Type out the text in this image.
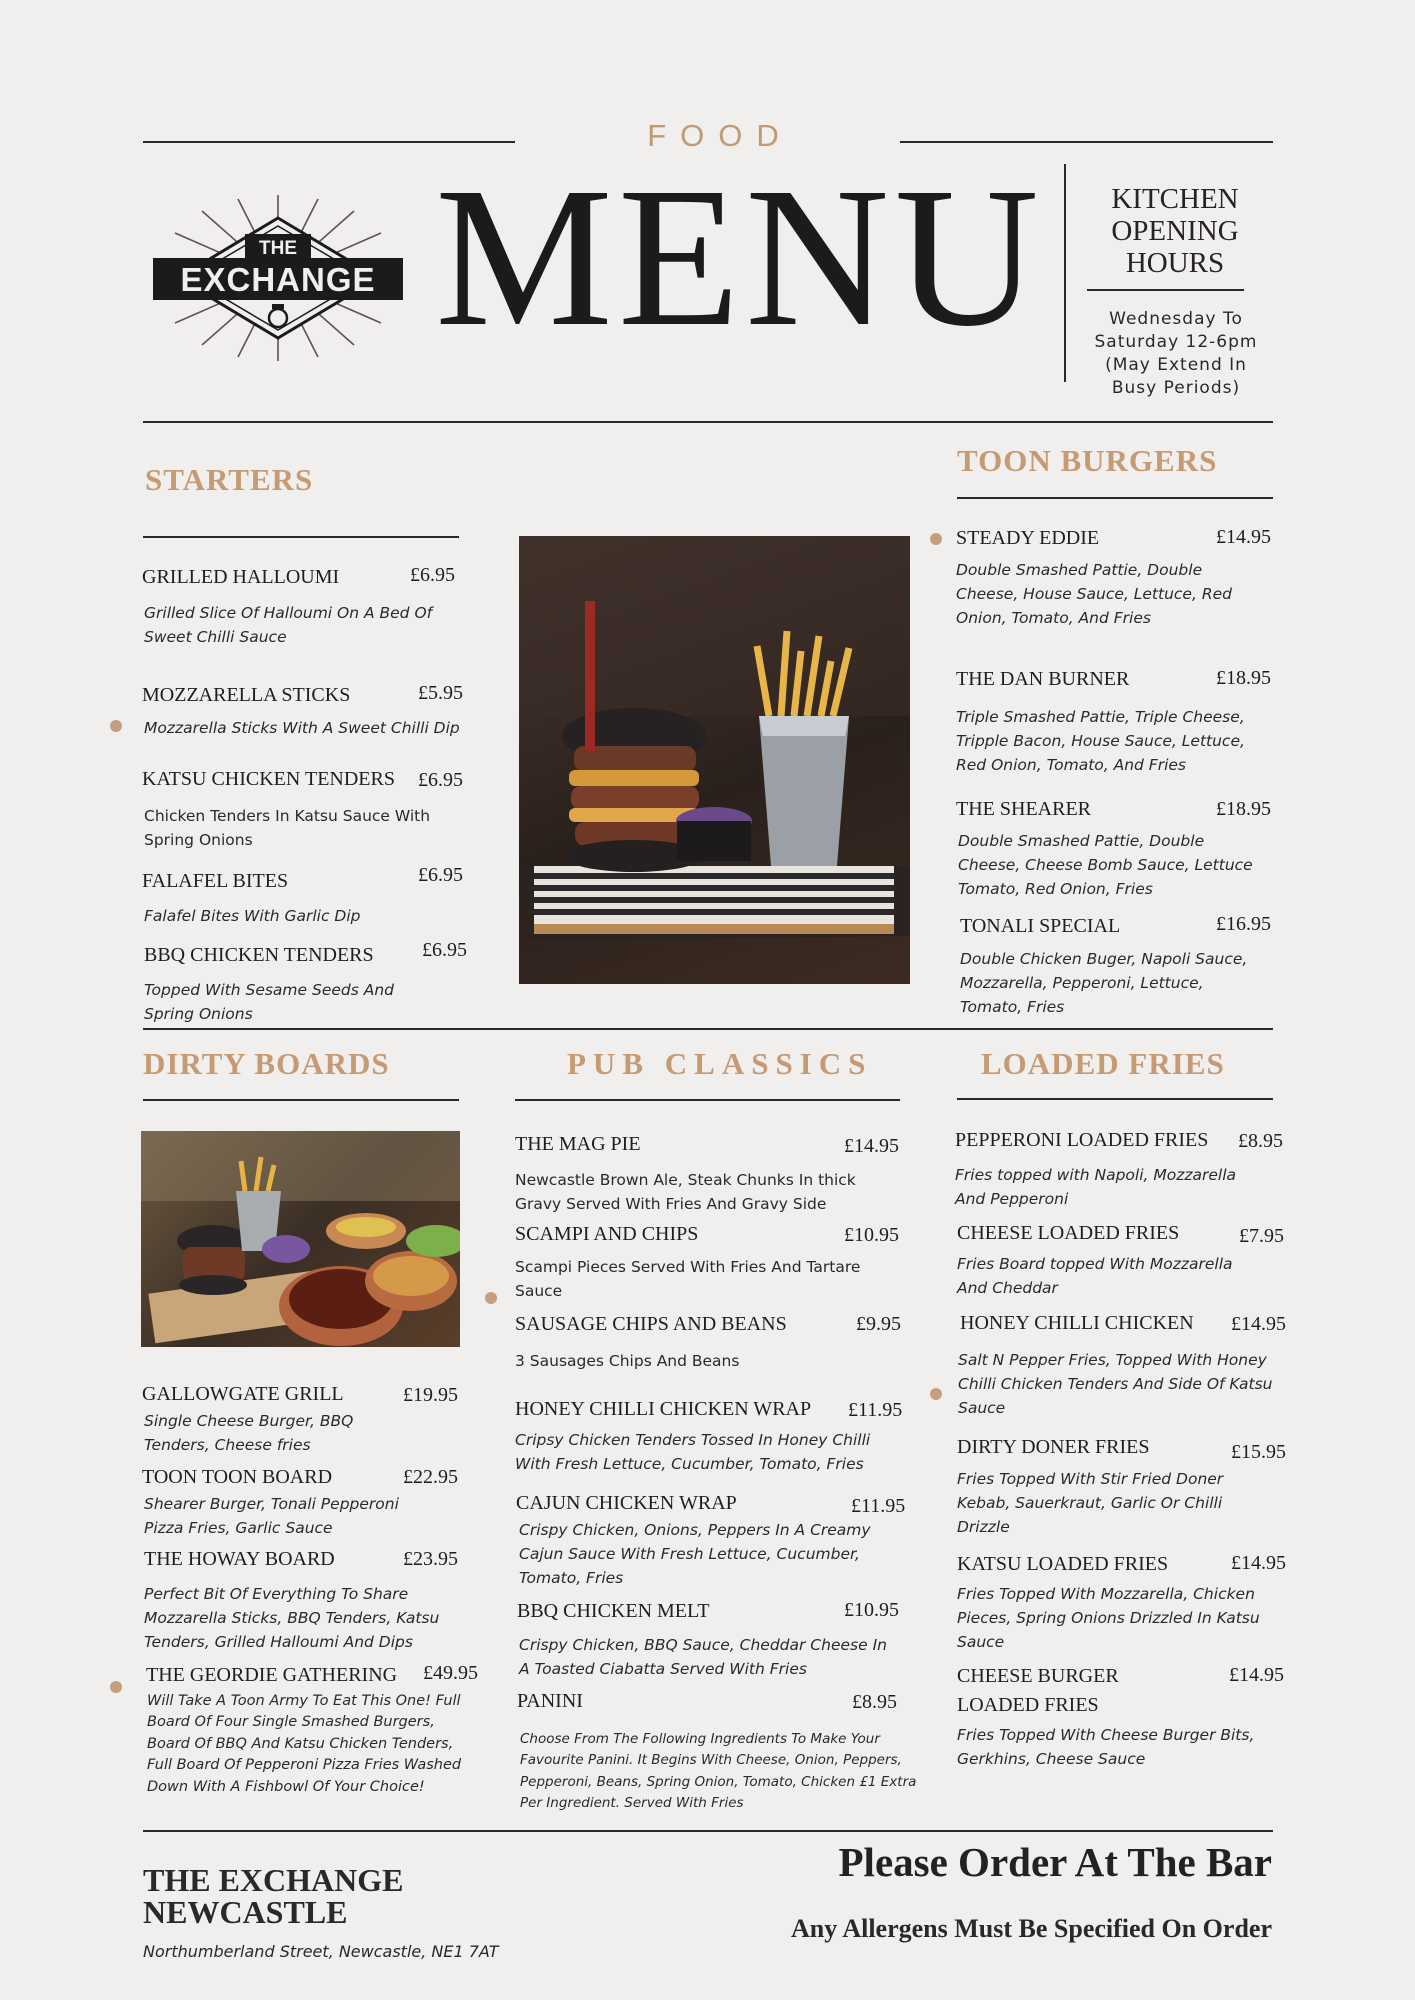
FOOD
THE
EXCHANGE MENU	KITCHEN OPENING HOURS
Wednesday To Saturday 12-6pm (May Extend In Busy Periods)
STARTERS
GRILLED HALLOUMI	£6.95
Grilled Slice Of Halloumi On A Bed Of Sweet Chilli Sauce
MOZZARELLA STICKS	£5.95
Mozzarella Sticks With A Sweet Chilli Dip
KATSU CHICKEN TENDERS £6.95
Chicken Tenders In Katsu Sauce With Spring Onions
FALAFEL BITES	£6.95
Falafel Bites With Garlic Dip
BBQ CHICKEN TENDERS £6.95
Topped With Sesame Seeds And Spring Onions
TOON BURGERS
STEADY EDDIE	£14.95
Double Smashed Pattie, Double Cheese, House Sauce, Lettuce, Red Onion, Tomato, And Fries
THE DAN BURNER	£18.95
Triple Smashed Pattie, Triple Cheese, Tripple Bacon, House Sauce, Lettuce, Red Onion, Tomato, And Fries
THE SHEARER	£18.95
Double Smashed Pattie, Double Cheese, Cheese Bomb Sauce, Lettuce Tomato, Red Onion, Fries
TONALI SPECIAL	£16.95
Double Chicken Buger, Napoli Sauce, Mozzarella, Pepperoni, Lettuce, Tomato, Fries
DIRTY BOARDS
GALLOWGATE GRILL	£19.95
Single Cheese Burger, BBQ Tenders, Cheese fries
TOON TOON BOARD	£22.95
Shearer Burger, Tonali Pepperoni Pizza Fries, Garlic Sauce
THE HOWAY BOARD	£23.95
Perfect Bit Of Everything To Share Mozzarella Sticks, BBQ Tenders, Katsu Tenders, Grilled Halloumi And Dips
THE GEORDIE GATHERING £49.95
Will Take A Toon Army To Eat This One! Full Board Of Four Single Smashed Burgers, Board Of BBQ And Katsu Chicken Tenders, Full Board Of Pepperoni Pizza Fries Washed Down With A Fishbowl Of Your Choice!
PUB CLASSICS
THE MAG PIE	£14.95
Newcastle Brown Ale, Steak Chunks In thick Gravy Served With Fries And Gravy Side
SCAMPI AND CHIPS	£10.95
Scampi Pieces Served With Fries And Tartare Sauce
SAUSAGE CHIPS AND BEANS	£9.95
3 Sausages Chips And Beans
HONEY CHILLI CHICKEN WRAP £11.95
Cripsy Chicken Tenders Tossed In Honey Chilli With Fresh Lettuce, Cucumber, Tomato, Fries
CAJUN CHICKEN WRAP	£11.95
Crispy Chicken, Onions, Peppers In A Creamy Cajun Sauce With Fresh Lettuce, Cucumber, Tomato, Fries
BBQ CHICKEN MELT	£10.95
Crispy Chicken, BBQ Sauce, Cheddar Cheese In A Toasted Ciabatta Served With Fries
PANINI	£8.95
Choose From The Following Ingredients To Make Your Favourite Panini. It Begins With Cheese, Onion, Peppers, Pepperoni, Beans, Spring Onion, Tomato, Chicken £1 Extra Per Ingredient. Served With Fries
LOADED FRIES
PEPPERONI LOADED FRIES £8.95
Fries topped with Napoli, Mozzarella And Pepperoni
CHEESE LOADED FRIES	£7.95
Fries Board topped With Mozzarella And Cheddar
HONEY CHILLI CHICKEN £14.95
Salt N Pepper Fries, Topped With Honey Chilli Chicken Tenders And Side Of Katsu Sauce
DIRTY DONER FRIES	£15.95
Fries Topped With Stir Fried Doner Kebab, Sauerkraut, Garlic Or Chilli Drizzle
KATSU LOADED FRIES	£14.95
Fries Topped With Mozzarella, Chicken Pieces, Spring Onions Drizzled In Katsu Sauce
CHEESE BURGER LOADED FRIES
£14.95
Fries Topped With Cheese Burger Bits, Gerkhins, Cheese Sauce
THE EXCHANGE NEWCASTLE
Northumberland Street, Newcastle, NE1 7AT
Please Order At The Bar
Any Allergens Must Be Specified On Order
